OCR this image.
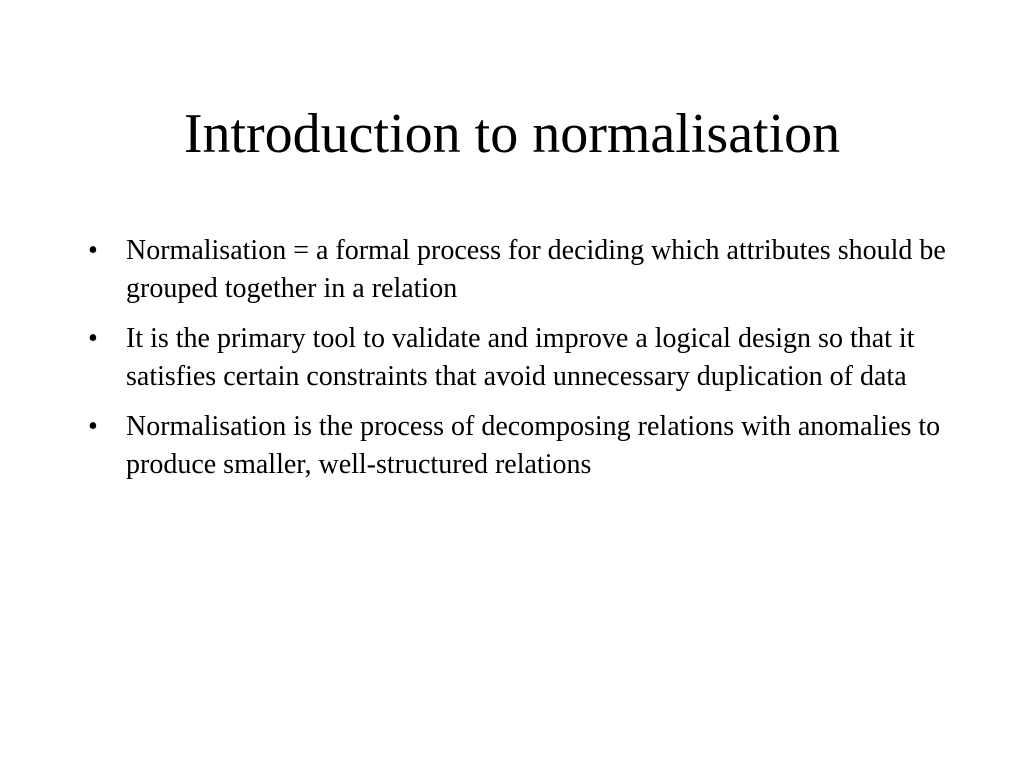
Introduction to normalisation
•	Normalisation = a formal process for deciding which attributes should be grouped together in a relation
•	It is the primary tool to validate and improve a logical design so that it satisfies certain constraints that avoid unnecessary duplication of data
•	Normalisation is the process of decomposing relations with anomalies to produce smaller, well-structured relations
